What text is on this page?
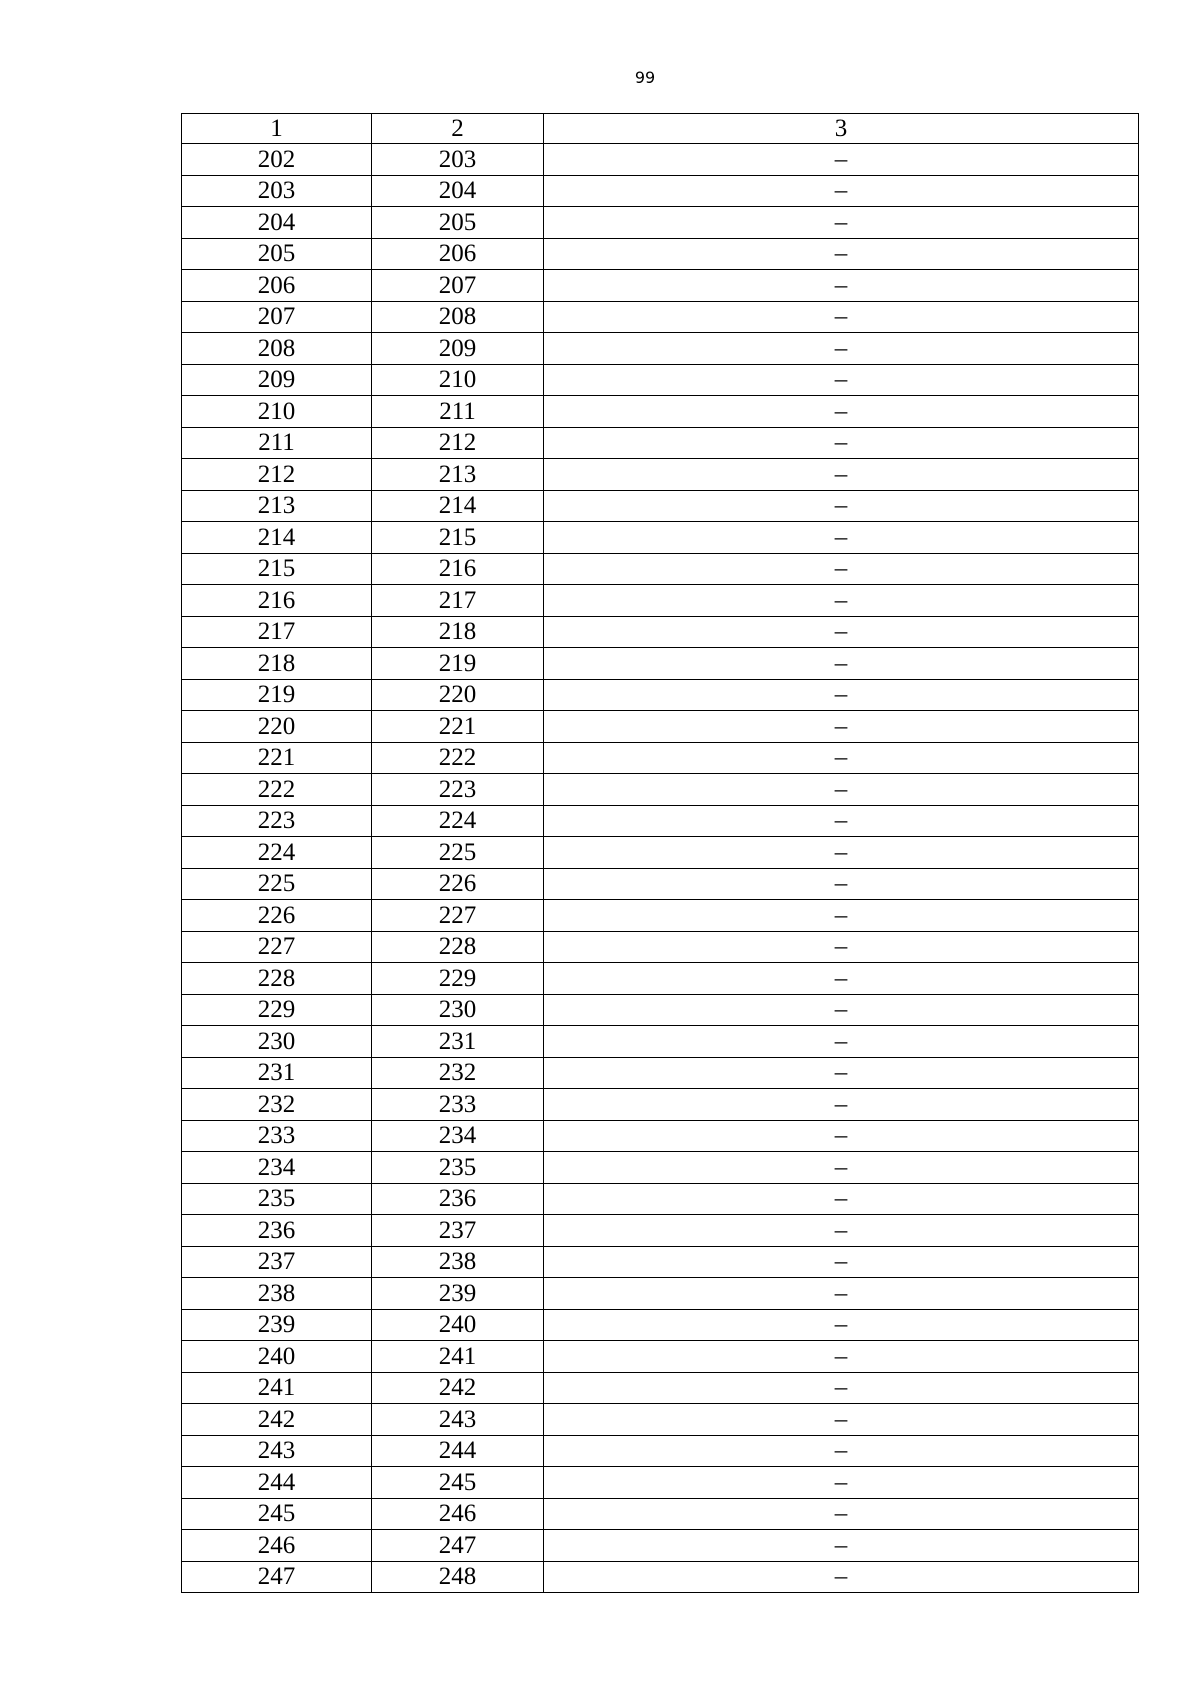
99
1	2	3
202	203	–
203	204	–
204	205	–
205	206	–
206	207	–
207	208	–
208	209	–
209	210	–
210	211	–
211	212	–
212	213	–
213	214	–
214	215	–
215	216	–
216	217	–
217	218	–
218	219	–
219	220	–
220	221	–
221	222	–
222	223	–
223	224	–
224	225	–
225	226	–
226	227	–
227	228	–
228	229	–
229	230	–
230	231	–
231	232	–
232	233	–
233	234	–
234	235	–
235	236	–
236	237	–
237	238	–
238	239	–
239	240	–
240	241	–
241	242	–
242	243	–
243	244	–
244	245	–
245	246	–
246	247	–
247	248	–
